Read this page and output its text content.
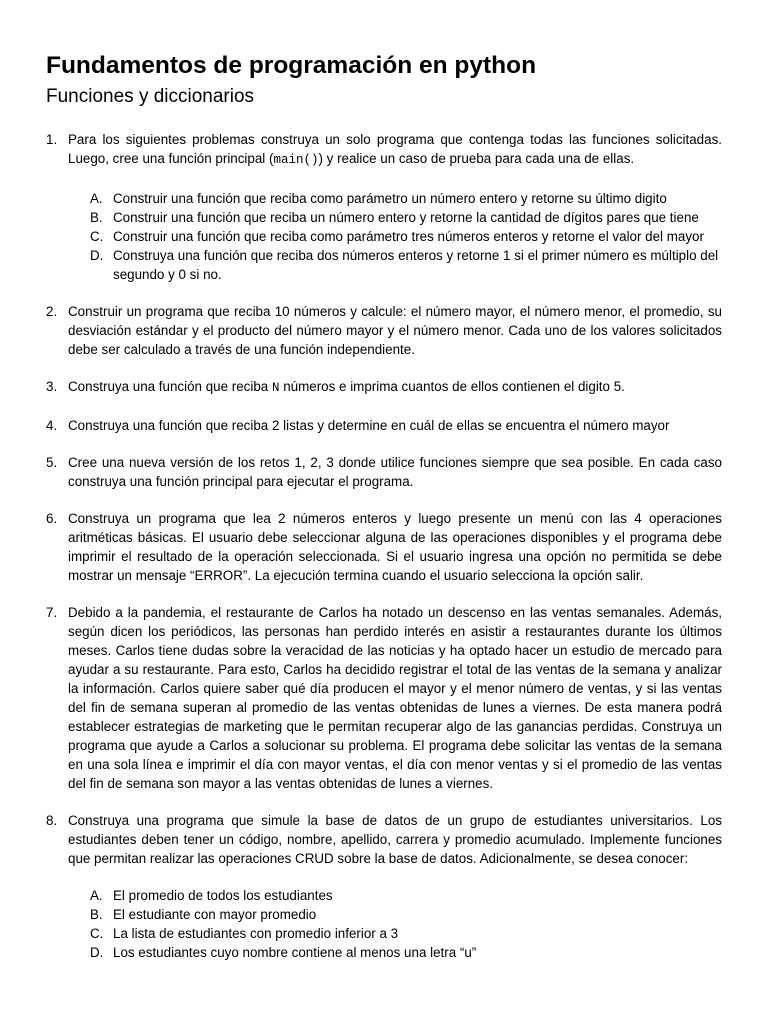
Fundamentos de programación en python
Funciones y diccionarios
1. Para los siguientes problemas construya un solo programa que contenga todas las funciones solicitadas. Luego, cree una función principal (main()) y realice un caso de prueba para cada una de ellas.
A. Construir una función que reciba como parámetro un número entero y retorne su último digito
B. Construir una función que reciba un número entero y retorne la cantidad de dígitos pares que tiene
C. Construir una función que reciba como parámetro tres números enteros y retorne el valor del mayor
D. Construya una función que reciba dos números enteros y retorne 1 si el primer número es múltiplo del segundo y 0 si no.
2. Construir un programa que reciba 10 números y calcule: el número mayor, el número menor, el promedio, su desviación estándar y el producto del número mayor y el número menor. Cada uno de los valores solicitados debe ser calculado a través de una función independiente.
3. Construya una función que reciba N números e imprima cuantos de ellos contienen el digito 5.
4. Construya una función que reciba 2 listas y determine en cuál de ellas se encuentra el número mayor
5. Cree una nueva versión de los retos 1, 2, 3 donde utilice funciones siempre que sea posible. En cada caso construya una función principal para ejecutar el programa.
6. Construya un programa que lea 2 números enteros y luego presente un menú con las 4 operaciones aritméticas básicas. El usuario debe seleccionar alguna de las operaciones disponibles y el programa debe imprimir el resultado de la operación seleccionada. Si el usuario ingresa una opción no permitida se debe mostrar un mensaje “ERROR”. La ejecución termina cuando el usuario selecciona la opción salir.
7. Debido a la pandemia, el restaurante de Carlos ha notado un descenso en las ventas semanales. Además, según dicen los periódicos, las personas han perdido interés en asistir a restaurantes durante los últimos meses. Carlos tiene dudas sobre la veracidad de las noticias y ha optado hacer un estudio de mercado para ayudar a su restaurante. Para esto, Carlos ha decidido registrar el total de las ventas de la semana y analizar la información. Carlos quiere saber qué día producen el mayor y el menor número de ventas, y si las ventas del fin de semana superan al promedio de las ventas obtenidas de lunes a viernes. De esta manera podrá establecer estrategias de marketing que le permitan recuperar algo de las ganancias perdidas. Construya un programa que ayude a Carlos a solucionar su problema. El programa debe solicitar las ventas de la semana en una sola línea e imprimir el día con mayor ventas, el día con menor ventas y si el promedio de las ventas del fin de semana son mayor a las ventas obtenidas de lunes a viernes.
8. Construya una programa que simule la base de datos de un grupo de estudiantes universitarios. Los estudiantes deben tener un código, nombre, apellido, carrera y promedio acumulado. Implemente funciones que permitan realizar las operaciones CRUD sobre la base de datos. Adicionalmente, se desea conocer:
A. El promedio de todos los estudiantes
B. El estudiante con mayor promedio
C. La lista de estudiantes con promedio inferior a 3
D. Los estudiantes cuyo nombre contiene al menos una letra “u”
